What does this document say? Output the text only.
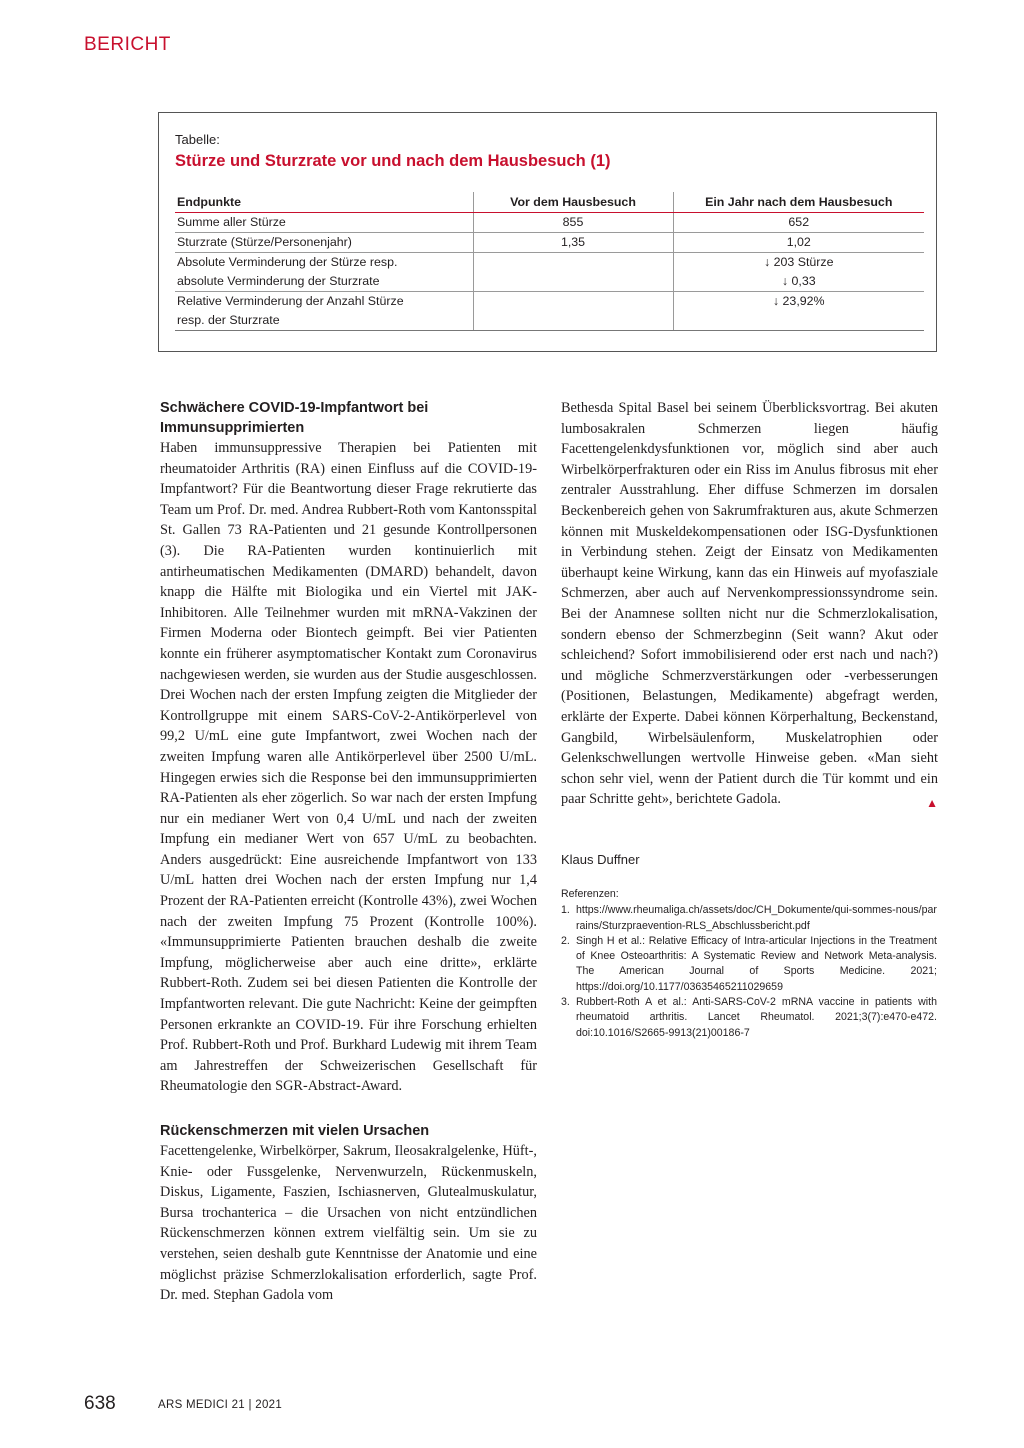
BERICHT
Tabelle:
Stürze und Sturzrate vor und nach dem Hausbesuch (1)
Endpunkte	Vor dem Hausbesuch	Ein Jahr nach dem Hausbesuch
Summe aller Stürze	855	652
Sturzrate (Stürze/Personenjahr)	1,35	1,02
Absolute Verminderung der Stürze resp.		↓ 203 Stürze
absolute Verminderung der Sturzrate		↓ 0,33
Relative Verminderung der Anzahl Stürze		↓ 23,92%
resp. der Sturzrate		
Schwächere COVID-19-Impfantwort bei Immunsupprimierten

Haben immunsuppressive Therapien bei Patienten mit rheumatoider Arthritis (RA) einen Einfluss auf die COVID-19-Impfantwort? Für die Beantwortung dieser Frage rekrutierte das Team um Prof. Dr. med. Andrea Rubbert-Roth vom Kantonsspital St. Gallen 73 RA-Patienten und 21 gesunde Kontrollpersonen (3). Die RA-Patienten wurden kontinuierlich mit antirheumatischen Medikamenten (DMARD) behandelt, davon knapp die Hälfte mit Biologika und ein Viertel mit JAK-Inhibitoren. Alle Teilnehmer wurden mit mRNA-Vakzinen der Firmen Moderna oder Biontech geimpft. Bei vier Patienten konnte ein früherer asymptomatischer Kontakt zum Coronavirus nachgewiesen werden, sie wurden aus der Studie ausgeschlossen. Drei Wochen nach der ersten Impfung zeigten die Mitglieder der Kontrollgruppe mit einem SARS-CoV-2-Antikörperlevel von 99,2 U/mL eine gute Impfantwort, zwei Wochen nach der zweiten Impfung waren alle Antikörperlevel über 2500 U/mL. Hingegen erwies sich die Response bei den immunsupprimierten RA-Patienten als eher zögerlich. So war nach der ersten Impfung nur ein medianer Wert von 0,4 U/mL und nach der zweiten Impfung ein medianer Wert von 657 U/mL zu beobachten. Anders ausgedrückt: Eine ausreichende Impfantwort von 133 U/mL hatten drei Wochen nach der ersten Impfung nur 1,4 Prozent der RA-Patienten erreicht (Kontrolle 43%), zwei Wochen nach der zweiten Impfung 75 Prozent (Kontrolle 100%). «Immunsupprimierte Patienten brauchen deshalb die zweite Impfung, möglicherweise aber auch eine dritte», erklärte Rubbert-Roth. Zudem sei bei diesen Patienten die Kontrolle der Impfantworten relevant. Die gute Nachricht: Keine der geimpften Personen erkrankte an COVID-19. Für ihre Forschung erhielten Prof. Rubbert-Roth und Prof. Burkhard Ludewig mit ihrem Team am Jahrestreffen der Schweizerischen Gesellschaft für Rheumatologie den SGR-Abstract-Award.

Rückenschmerzen mit vielen Ursachen

Facettengelenke, Wirbelkörper, Sakrum, Ileosakralgelenke, Hüft-, Knie- oder Fussgelenke, Nervenwurzeln, Rückenmuskeln, Diskus, Ligamente, Faszien, Ischiasnerven, Glutealmuskulatur, Bursa trochanterica – die Ursachen von nicht entzündlichen Rückenschmerzen können extrem vielfältig sein. Um sie zu verstehen, seien deshalb gute Kenntnisse der Anatomie und eine möglichst präzise Schmerzlokalisation erforderlich, sagte Prof. Dr. med. Stephan Gadola vom

Bethesda Spital Basel bei seinem Überblicksvortrag. Bei akuten lumbosakralen Schmerzen liegen häufig Facettengelenkdysfunktionen vor, möglich sind aber auch Wirbelkörperfrakturen oder ein Riss im Anulus fibrosus mit eher zentraler Ausstrahlung. Eher diffuse Schmerzen im dorsalen Beckenbereich gehen von Sakrumfrakturen aus, akute Schmerzen können mit Muskeldekompensationen oder ISG-Dysfunktionen in Verbindung stehen. Zeigt der Einsatz von Medikamenten überhaupt keine Wirkung, kann das ein Hinweis auf myofasziale Schmerzen, aber auch auf Nervenkompressionssyndrome sein. Bei der Anamnese sollten nicht nur die Schmerzlokalisation, sondern ebenso der Schmerzbeginn (Seit wann? Akut oder schleichend? Sofort immobilisierend oder erst nach und nach?) und mögliche Schmerzverstärkungen oder -verbesserungen (Positionen, Belastungen, Medikamente) abgefragt werden, erklärte der Experte. Dabei können Körperhaltung, Beckenstand, Gangbild, Wirbelsäulenform, Muskelatrophien oder Gelenkschwellungen wertvolle Hinweise geben. «Man sieht schon sehr viel, wenn der Patient durch die Tür kommt und ein paar Schritte geht», berichtete Gadola.	▲

Klaus Duffner
Referenzen:
1. https://www.rheumaliga.ch/assets/doc/CH_Dokumente/qui-sommes-nous/parrains/Sturzpraevention-RLS_Abschlussbericht.pdf
2. Singh H et al.: Relative Efficacy of Intra-articular Injections in the Treatment of Knee Osteoarthritis: A Systematic Review and Network Meta-analysis. The American Journal of Sports Medicine. 2021; https://doi.org/10.1177/03635465211029659
3. Rubbert-Roth A et al.: Anti-SARS-CoV-2 mRNA vaccine in patients with rheumatoid arthritis. Lancet Rheumatol. 2021;3(7):e470-e472. doi:10.1016/S2665-9913(21)00186-7
638	ARS MEDICI 21 | 2021
